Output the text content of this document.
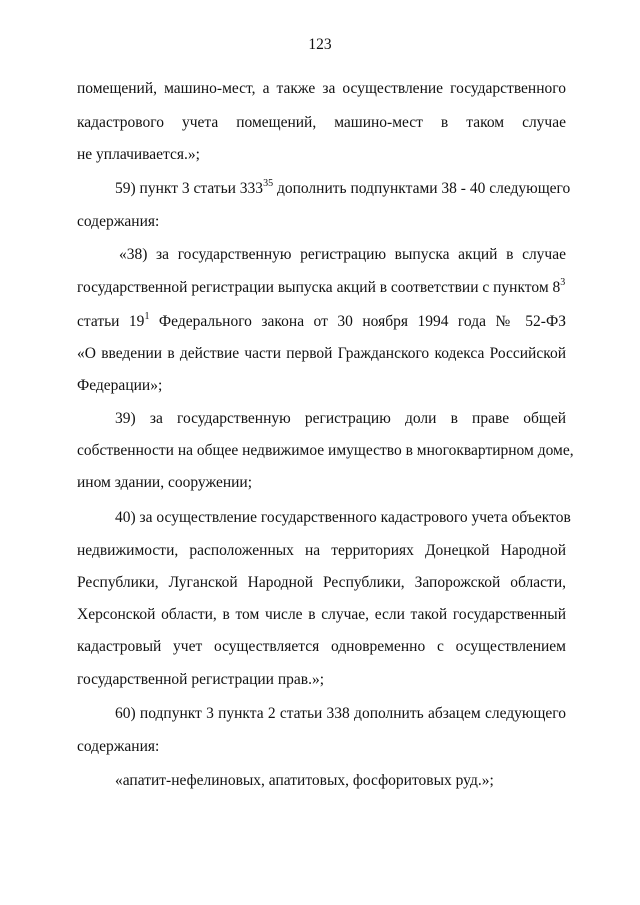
123
помещений, машино-мест, а также за осуществление государственного
кадастрового учета помещений, машино-мест в таком случае
не уплачивается.»;
59) пункт 3 статьи $333^{35}$ дополнить подпунктами 38 - 40 следующего
содержания:
«38) за государственную регистрацию выпуска акций в случае
государственной регистрации выпуска акций в соответствии с пунктом $8^3$
статьи $19^1$ Федерального закона от 30 ноября 1994 года № 52-ФЗ
«О введении в действие части первой Гражданского кодекса Российской
Федерации»;
39) за государственную регистрацию доли в праве общей
собственности на общее недвижимое имущество в многоквартирном доме,
ином здании, сооружении;
40) за осуществление государственного кадастрового учета объектов
недвижимости, расположенных на территориях Донецкой Народной
Республики, Луганской Народной Республики, Запорожской области,
Херсонской области, в том числе в случае, если такой государственный
кадастровый учет осуществляется одновременно с осуществлением
государственной регистрации прав.»;
60) подпункт 3 пункта 2 статьи 338 дополнить абзацем следующего
содержания:
«апатит-нефелиновых, апатитовых, фосфоритовых руд.»;
